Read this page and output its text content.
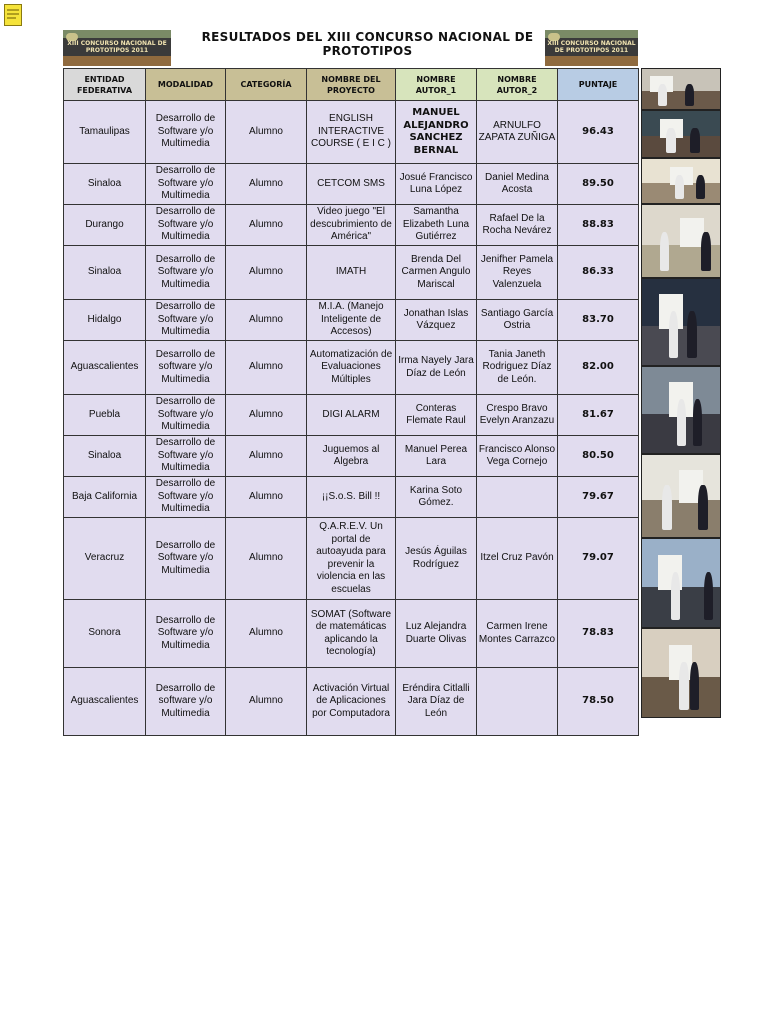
XIII CONCURSO NACIONAL DE PROTOTIPOS 2011
XIII CONCURSO NACIONAL DE PROTOTIPOS 2011
RESULTADOS DEL XIII CONCURSO NACIONAL DE PROTOTIPOS
ENTIDAD FEDERATIVA	MODALIDAD	CATEGORÍA	NOMBRE DEL PROYECTO	NOMBRE AUTOR_1	NOMBRE AUTOR_2	PUNTAJE
Tamaulipas	Desarrollo de Software y/o Multimedia	Alumno	ENGLISH INTERACTIVE COURSE ( E I C )	MANUEL ALEJANDRO SANCHEZ BERNAL	ARNULFO ZAPATA ZUÑIGA	96.43
Sinaloa	Desarrollo de Software y/o Multimedia	Alumno	CETCOM SMS	Josué Francisco Luna López	Daniel Medina Acosta	89.50
Durango	Desarrollo de Software y/o Multimedia	Alumno	Video juego "El descubrimiento de América"	Samantha Elizabeth Luna Gutiérrez	Rafael De la Rocha Nevárez	88.83
Sinaloa	Desarrollo de Software y/o Multimedia	Alumno	IMATH	Brenda Del Carmen Angulo Mariscal	Jenifher Pamela Reyes Valenzuela	86.33
Hidalgo	Desarrollo de Software y/o Multimedia	Alumno	M.I.A. (Manejo Inteligente de Accesos)	Jonathan Islas Vázquez	Santiago García Ostria	83.70
Aguascalientes	Desarrollo de software y/o Multimedia	Alumno	Automatización de Evaluaciones Múltiples	Irma Nayely Jara Díaz de León	Tania Janeth Rodriguez Díaz de León.	82.00
Puebla	Desarrollo de Software y/o Multimedia	Alumno	DIGI ALARM	Conteras Flemate Raul	Crespo Bravo Evelyn Aranzazu	81.67
Sinaloa	Desarrollo de Software y/o Multimedia	Alumno	Juguemos al Algebra	Manuel Perea Lara	Francisco Alonso Vega Cornejo	80.50
Baja California	Desarrollo de Software y/o Multimedia	Alumno	¡¡S.o.S. Bill !!	Karina Soto Gómez.		79.67
Veracruz	Desarrollo de Software y/o Multimedia	Alumno	Q.A.R.E.V. Un portal de autoayuda para prevenir la violencia en las escuelas	Jesús Águilas Rodríguez	Itzel Cruz Pavón	79.07
Sonora	Desarrollo de Software y/o Multimedia	Alumno	SOMAT (Software de matemáticas aplicando la tecnología)	Luz Alejandra Duarte Olivas	Carmen Irene Montes Carrazco	78.83
Aguascalientes	Desarrollo de software y/o Multimedia	Alumno	Activación Virtual de Aplicaciones por Computadora	Eréndira Citlalli Jara Díaz de León		78.50
